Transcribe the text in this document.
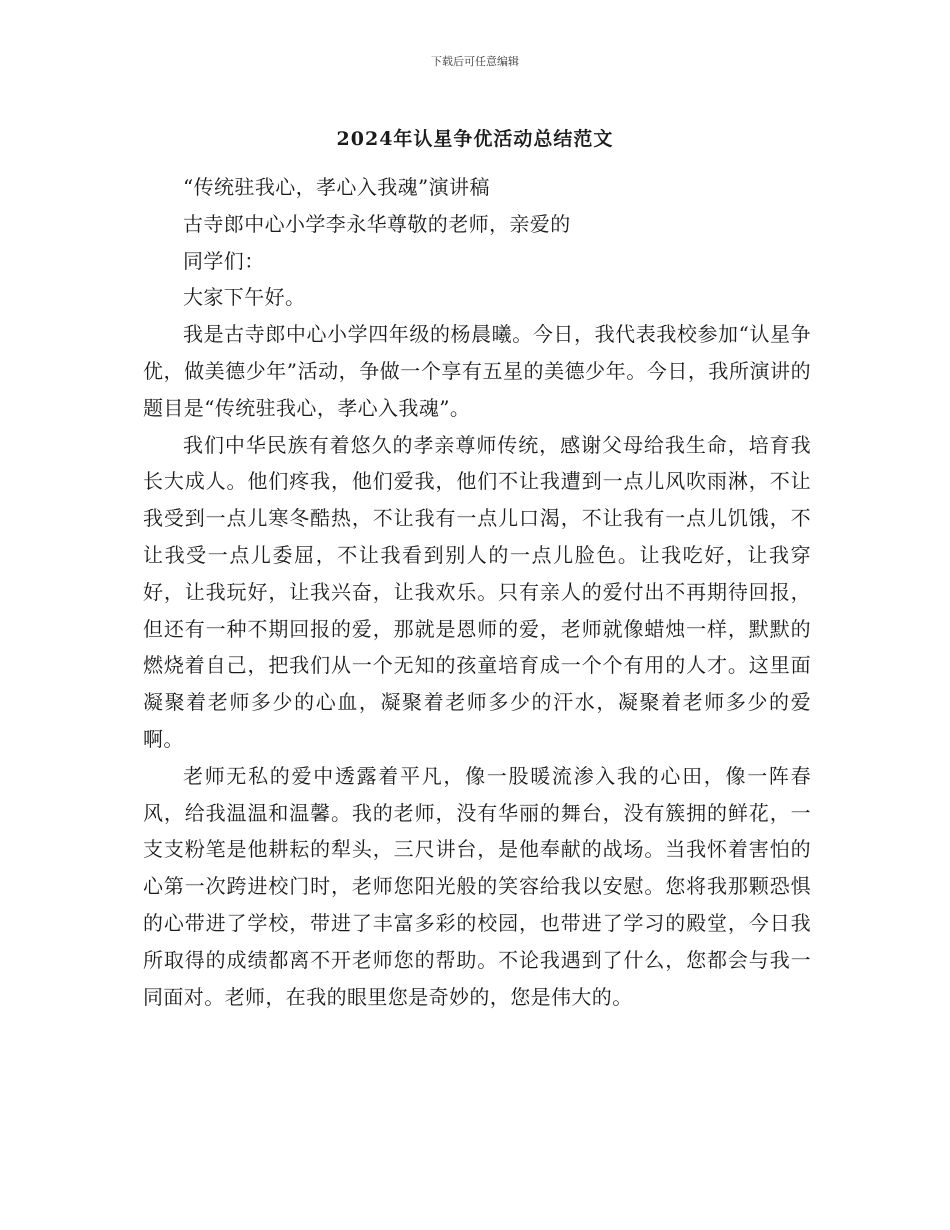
下载后可任意编辑
2024年认星争优活动总结范文

“传统驻我心，孝心入我魂”演讲稿

古寺郎中心小学李永华尊敬的老师，亲爱的

同学们：

大家下午好。

我是古寺郎中心小学四年级的杨晨曦。今日，我代表我校参加“认星争优，做美德少年”活动，争做一个享有五星的美德少年。今日，我所演讲的题目是“传统驻我心，孝心入我魂”。

我们中华民族有着悠久的孝亲尊师传统，感谢父母给我生命，培育我长大成人。他们疼我，他们爱我，他们不让我遭到一点儿风吹雨淋，不让我受到一点儿寒冬酷热，不让我有一点儿口渴，不让我有一点儿饥饿，不让我受一点儿委屈，不让我看到别人的一点儿脸色。让我吃好，让我穿好，让我玩好，让我兴奋，让我欢乐。只有亲人的爱付出不再期待回报，但还有一种不期回报的爱，那就是恩师的爱，老师就像蜡烛一样，默默的燃烧着自己，把我们从一个无知的孩童培育成一个个有用的人才。这里面凝聚着老师多少的心血，凝聚着老师多少的汗水，凝聚着老师多少的爱啊。

老师无私的爱中透露着平凡，像一股暖流渗入我的心田，像一阵春风，给我温温和温馨。我的老师，没有华丽的舞台，没有簇拥的鲜花，一支支粉笔是他耕耘的犁头，三尺讲台，是他奉献的战场。当我怀着害怕的心第一次跨进校门时，老师您阳光般的笑容给我以安慰。您将我那颗恐惧的心带进了学校，带进了丰富多彩的校园，也带进了学习的殿堂，今日我所取得的成绩都离不开老师您的帮助。不论我遇到了什么，您都会与我一同面对。老师，在我的眼里您是奇妙的，您是伟大的。
